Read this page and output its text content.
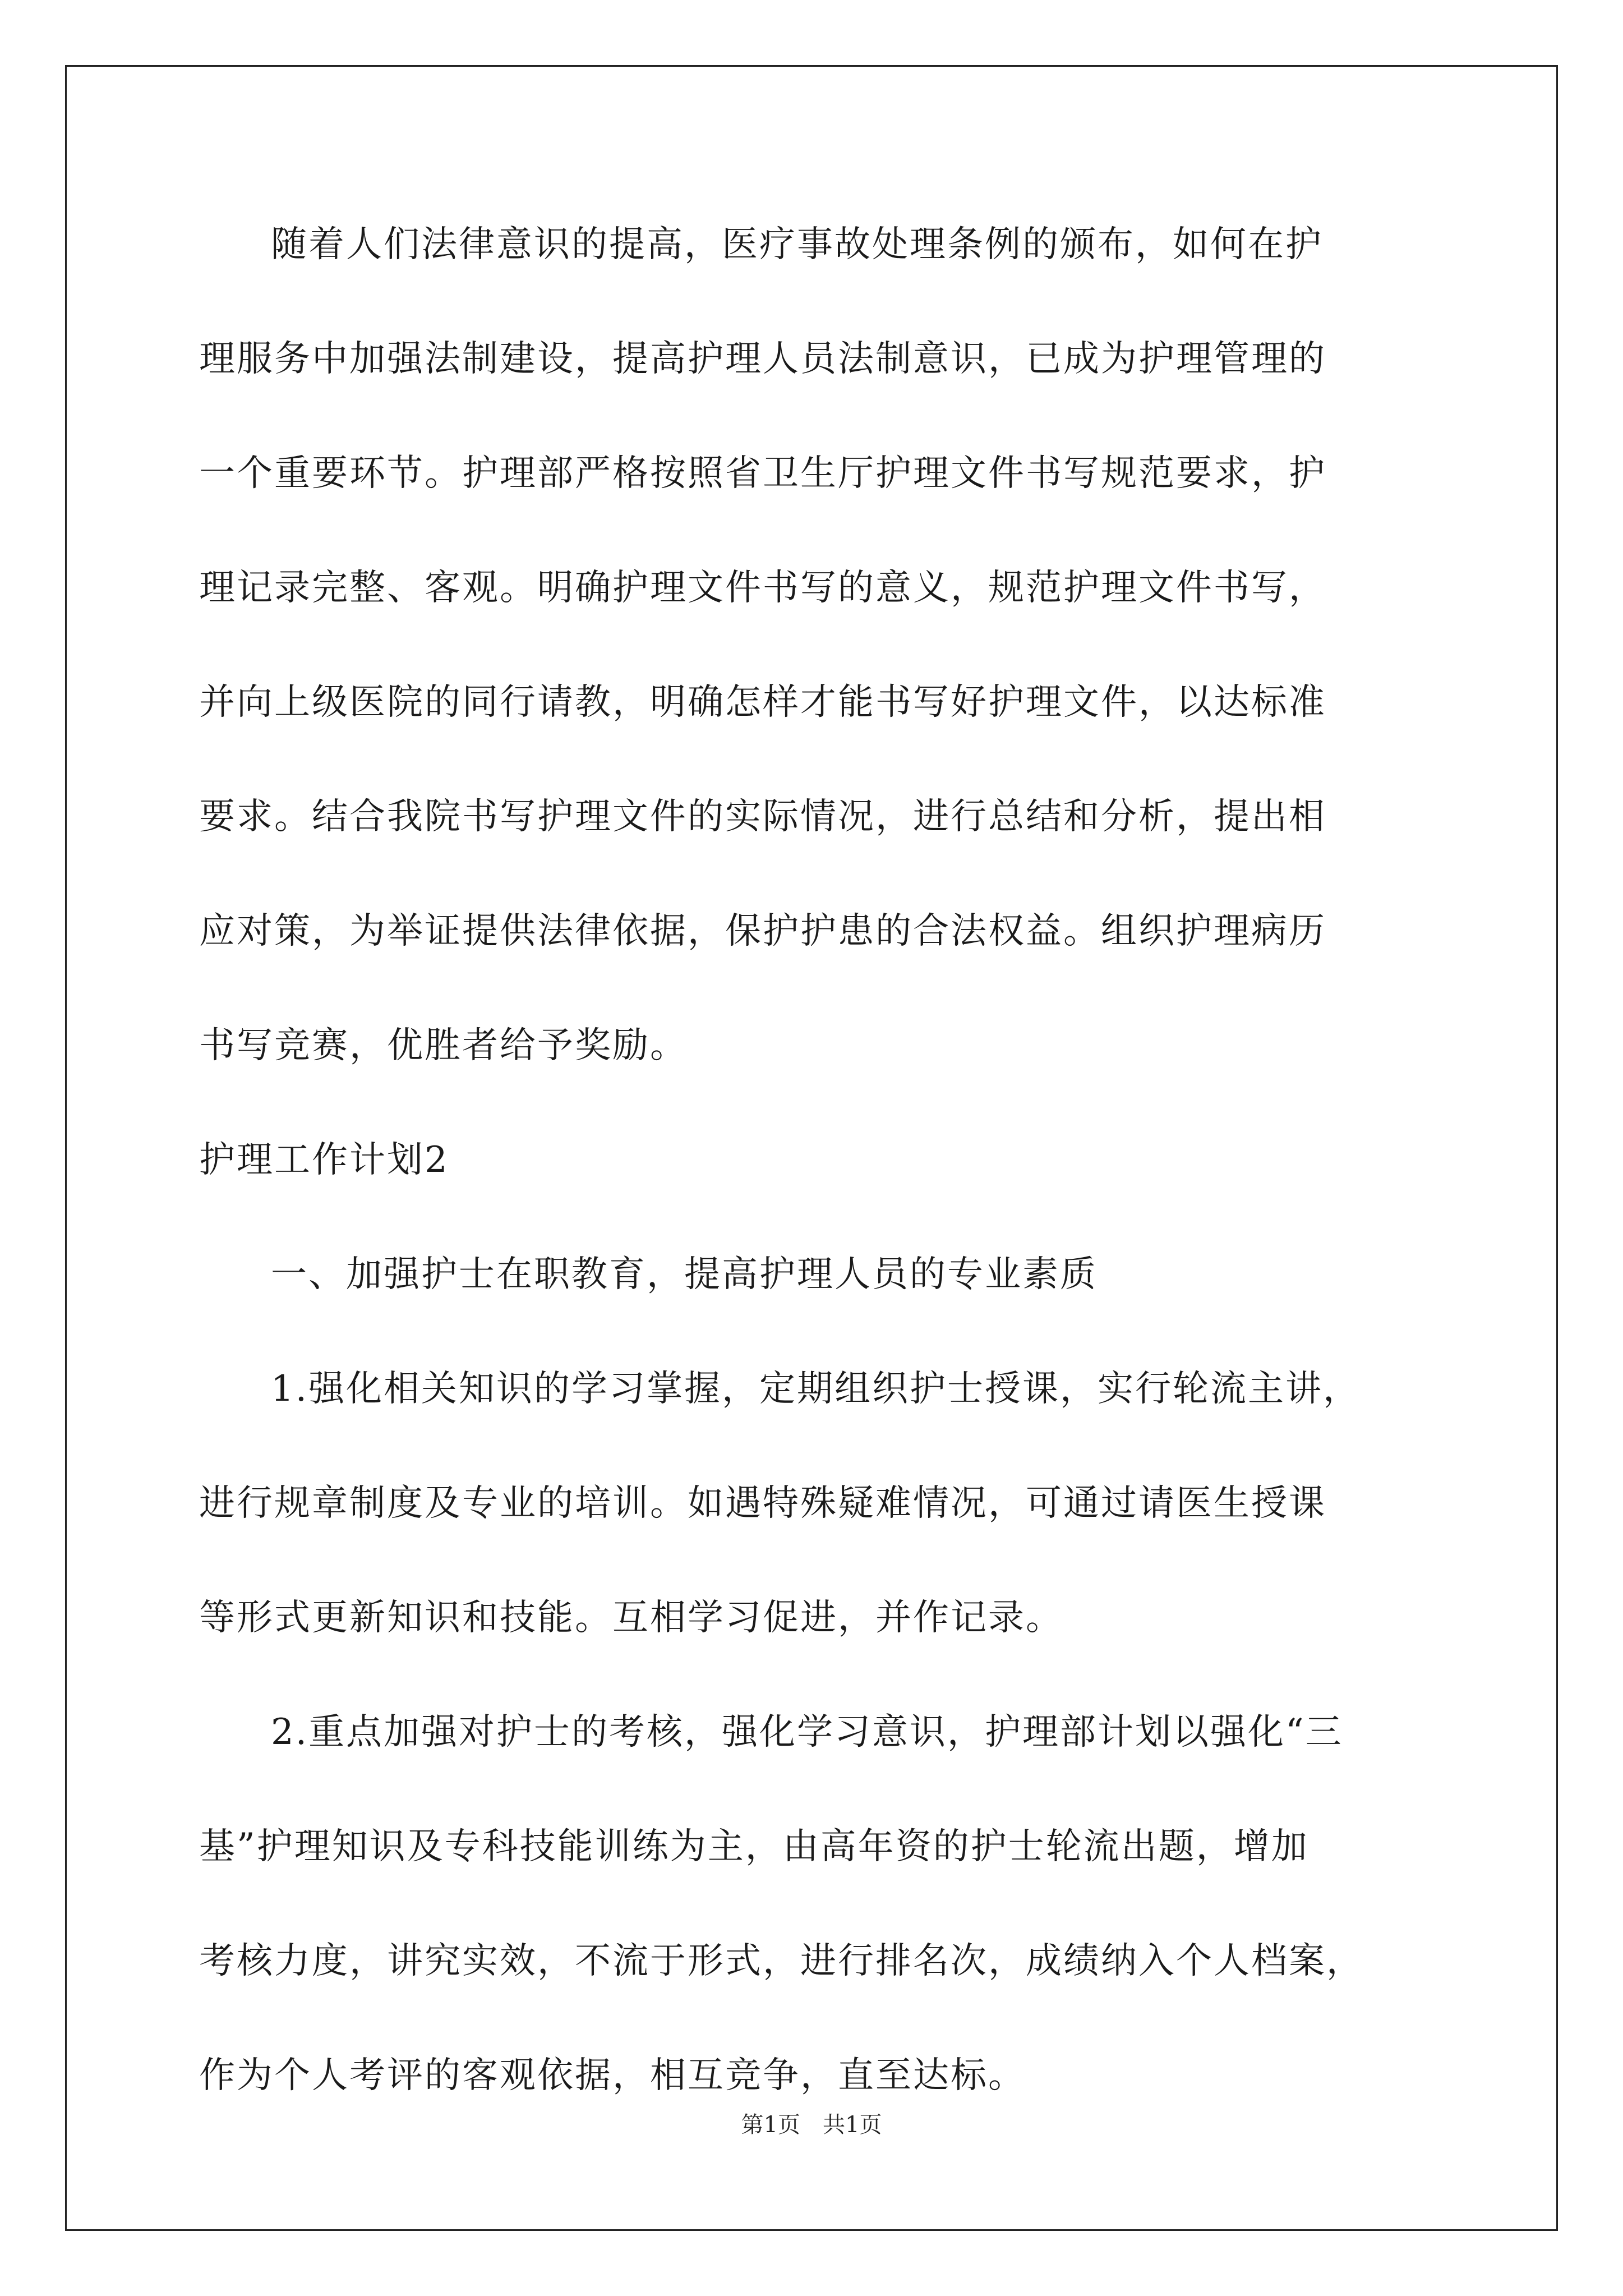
随着人们法律意识的提高，医疗事故处理条例的颁布，如何在护
理服务中加强法制建设，提高护理人员法制意识，已成为护理管理的
一个重要环节。护理部严格按照省卫生厅护理文件书写规范要求，护
理记录完整、客观。明确护理文件书写的意义，规范护理文件书写，
并向上级医院的同行请教，明确怎样才能书写好护理文件，以达标准
要求。结合我院书写护理文件的实际情况，进行总结和分析，提出相
应对策，为举证提供法律依据，保护护患的合法权益。组织护理病历
书写竞赛，优胜者给予奖励。
护理工作计划2
一、加强护士在职教育，提高护理人员的专业素质
1.强化相关知识的学习掌握，定期组织护士授课，实行轮流主讲，
进行规章制度及专业的培训。如遇特殊疑难情况，可通过请医生授课
等形式更新知识和技能。互相学习促进，并作记录。
2.重点加强对护士的考核，强化学习意识，护理部计划以强化“三
基”护理知识及专科技能训练为主，由高年资的护士轮流出题，增加
考核力度，讲究实效，不流于形式，进行排名次，成绩纳入个人档案，
作为个人考评的客观依据，相互竞争，直至达标。
第1页　共1页
